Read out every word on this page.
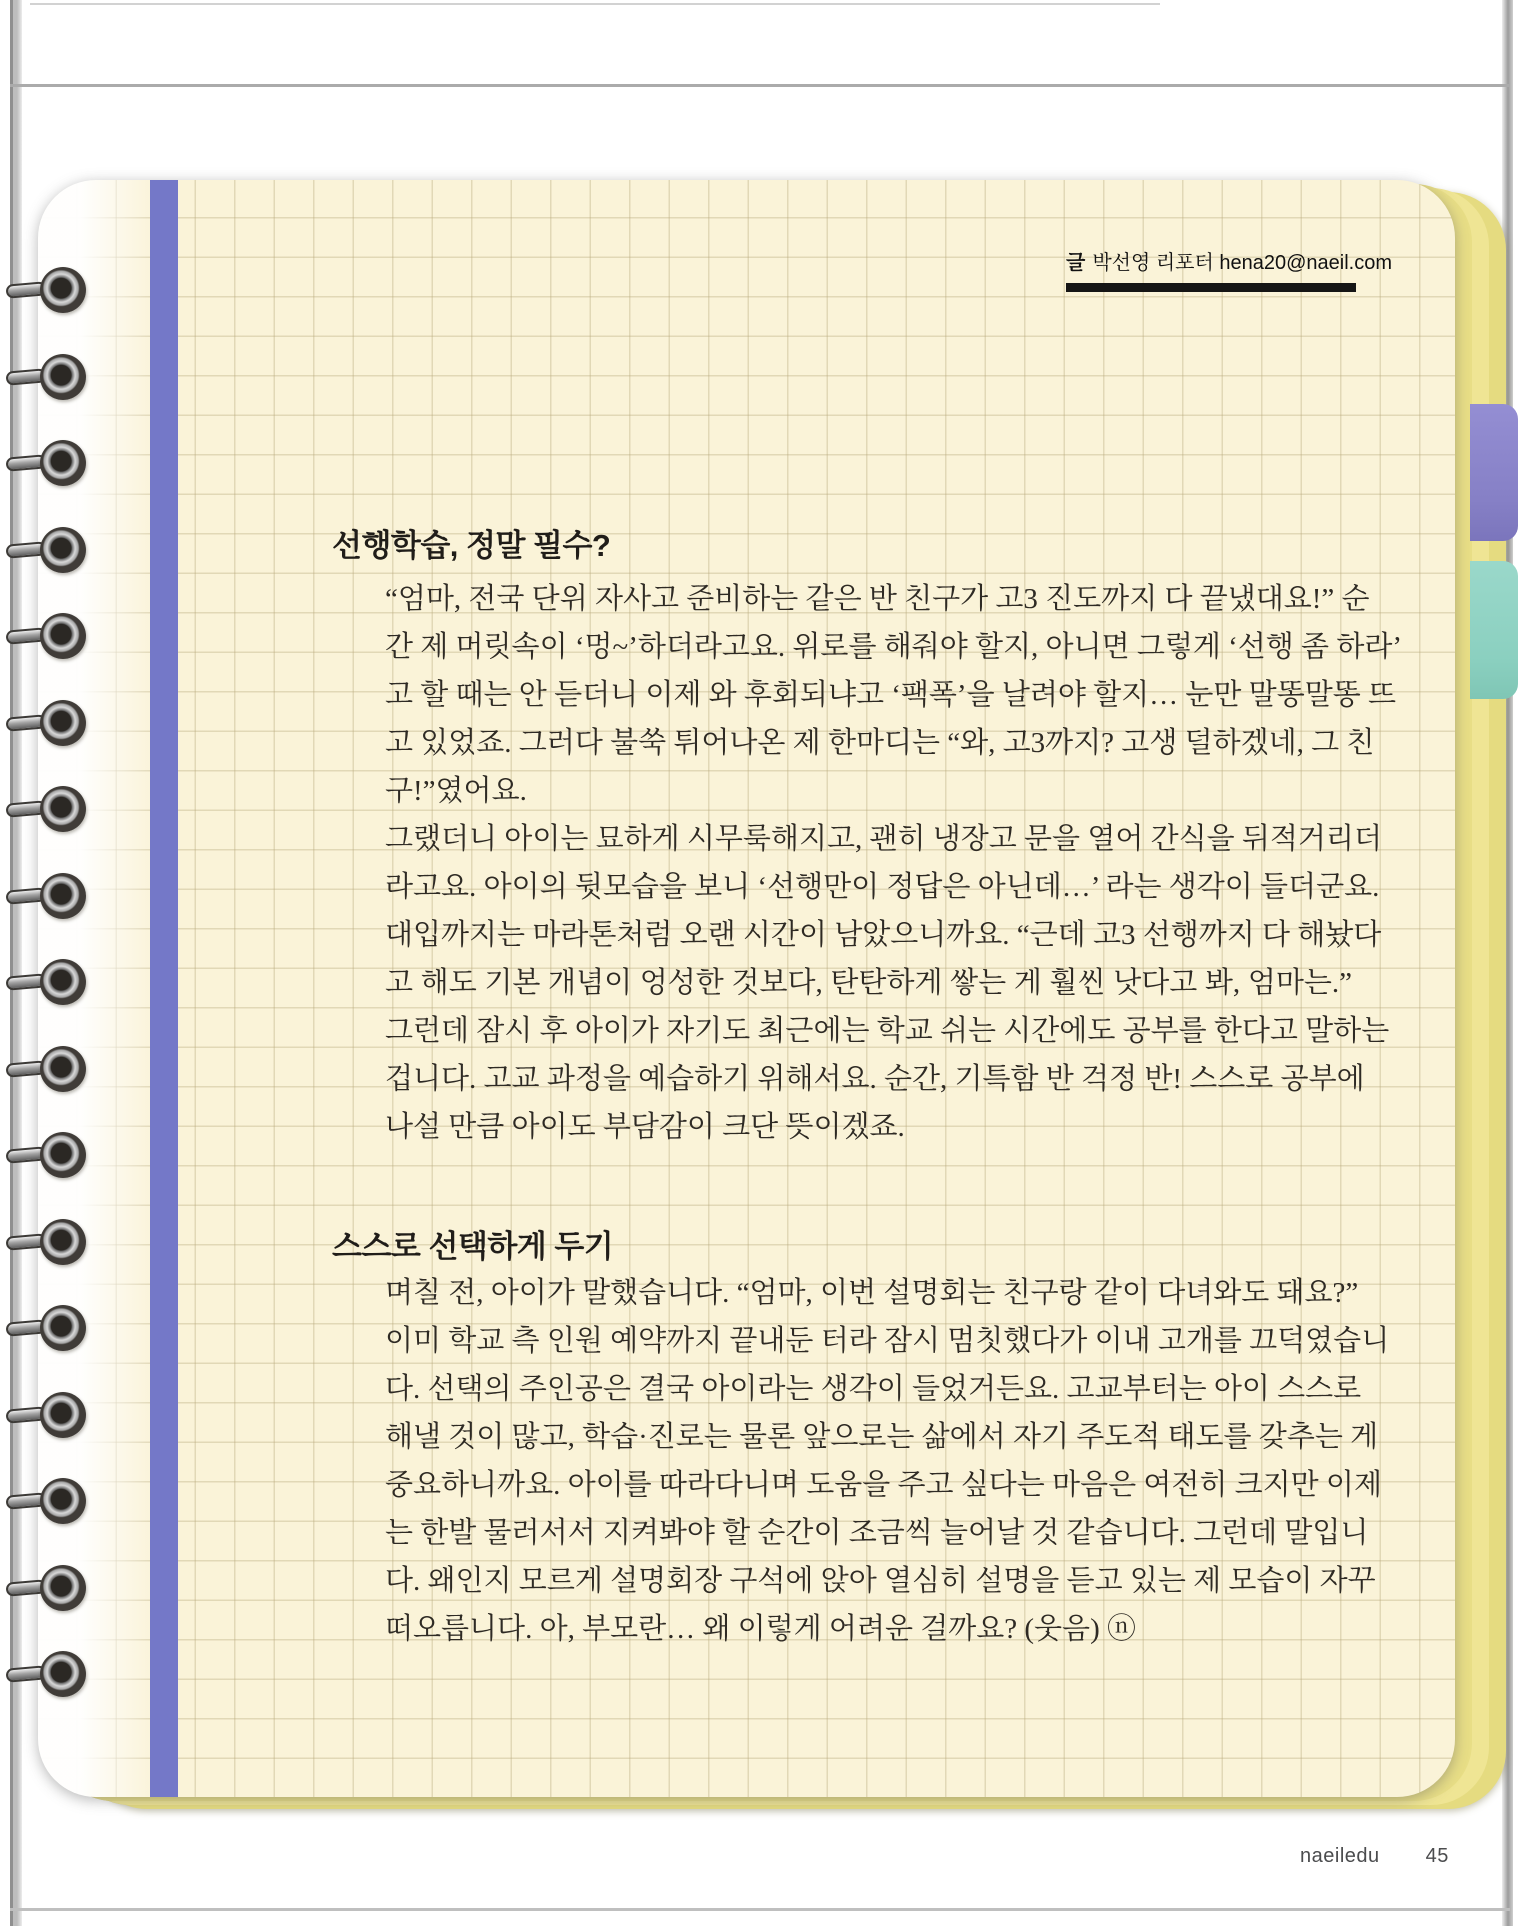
글 박선영 리포터 hena20@naeil.com
선행학습, 정말 필수?
“엄마, 전국 단위 자사고 준비하는 같은 반 친구가 고3 진도까지 다 끝냈대요!” 순
간 제 머릿속이 ‘멍~’하더라고요. 위로를 해줘야 할지, 아니면 그렇게 ‘선행 좀 하라’
고 할 때는 안 듣더니 이제 와 후회되냐고 ‘팩폭’을 날려야 할지… 눈만 말똥말똥 뜨
고 있었죠. 그러다 불쑥 튀어나온 제 한마디는 “와, 고3까지? 고생 덜하겠네, 그 친
구!”였어요.
그랬더니 아이는 묘하게 시무룩해지고, 괜히 냉장고 문을 열어 간식을 뒤적거리더
라고요. 아이의 뒷모습을 보니 ‘선행만이 정답은 아닌데…’ 라는 생각이 들더군요.
대입까지는 마라톤처럼 오랜 시간이 남았으니까요. “근데 고3 선행까지 다 해놨다
고 해도 기본 개념이 엉성한 것보다, 탄탄하게 쌓는 게 훨씬 낫다고 봐, 엄마는.”
그런데 잠시 후 아이가 자기도 최근에는 학교 쉬는 시간에도 공부를 한다고 말하는
겁니다. 고교 과정을 예습하기 위해서요. 순간, 기특함 반 걱정 반! 스스로 공부에
나설 만큼 아이도 부담감이 크단 뜻이겠죠.
스스로 선택하게 두기
며칠 전, 아이가 말했습니다. “엄마, 이번 설명회는 친구랑 같이 다녀와도 돼요?”
이미 학교 측 인원 예약까지 끝내둔 터라 잠시 멈칫했다가 이내 고개를 끄덕였습니
다. 선택의 주인공은 결국 아이라는 생각이 들었거든요. 고교부터는 아이 스스로
해낼 것이 많고, 학습·진로는 물론 앞으로는 삶에서 자기 주도적 태도를 갖추는 게
중요하니까요. 아이를 따라다니며 도움을 주고 싶다는 마음은 여전히 크지만 이제
는 한발 물러서서 지켜봐야 할 순간이 조금씩 늘어날 것 같습니다. 그런데 말입니
다. 왜인지 모르게 설명회장 구석에 앉아 열심히 설명을 듣고 있는 제 모습이 자꾸
떠오릅니다. 아, 부모란… 왜 이렇게 어려운 걸까요? (웃음) ⓝ
naeiledu 45
